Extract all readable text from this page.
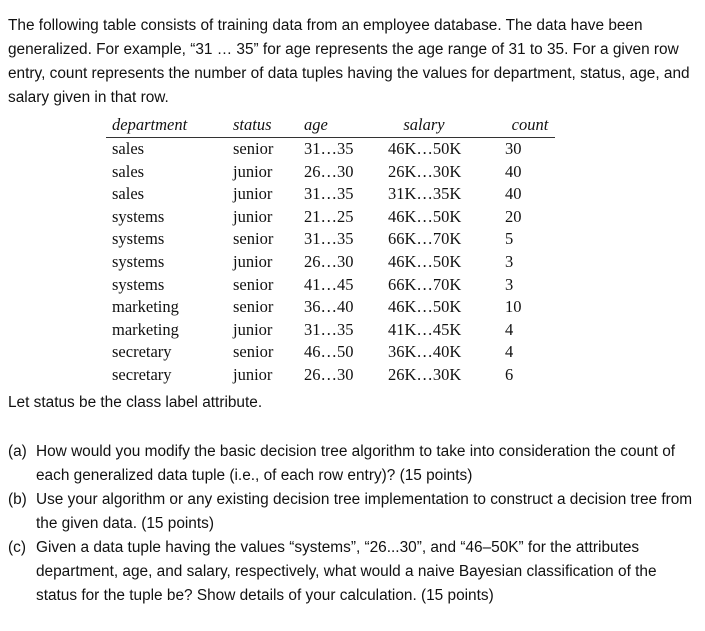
The following table consists of training data from an employee database. The data have been generalized. For example, “31 … 35” for age represents the age range of 31 to 35. For a given row entry, count represents the number of data tuples having the values for department, status, age, and salary given in that row.

department	status	age	salary	count
sales	senior	31…35	46K…50K	30
sales	junior	26…30	26K…30K	40
sales	junior	31…35	31K…35K	40
systems	junior	21…25	46K…50K	20
systems	senior	31…35	66K…70K	5
systems	junior	26…30	46K…50K	3
systems	senior	41…45	66K…70K	3
marketing	senior	36…40	46K…50K	10
marketing	junior	31…35	41K…45K	4
secretary	senior	46…50	36K…40K	4
secretary	junior	26…30	26K…30K	6

Let status be the class label attribute.

(a) How would you modify the basic decision tree algorithm to take into consideration the count of each generalized data tuple (i.e., of each row entry)? (15 points)
(b) Use your algorithm or any existing decision tree implementation to construct a decision tree from the given data. (15 points)
(c) Given a data tuple having the values “systems”, “26...30”, and “46–50K” for the attributes department, age, and salary, respectively, what would a naive Bayesian classification of the status for the tuple be? Show details of your calculation. (15 points)
